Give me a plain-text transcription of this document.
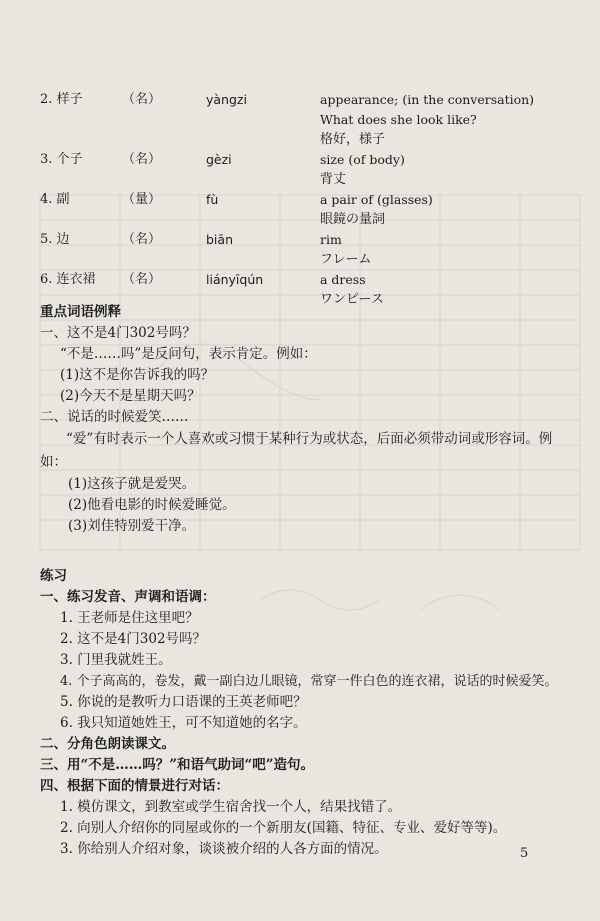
2. 样子	（名）	yàngzi	appearance; (in the conversation)
What does she look like?
格好，様子
3. 个子	（名）	gèzi	size (of body)
背丈
4. 副	（量）	fù	a pair of (glasses)
眼鏡の量詞
5. 边	（名）	biān	rim
フレーム
6. 连衣裙 （名）	liányīqún	a dress
ワンピース
重点词语例释
一、这不是4门302号吗？
“不是……吗”是反问句，表示肯定。例如：
(1)这不是你告诉我的吗？
(2)今天不是星期天吗？
二、说话的时候爱笑……
“爱”有时表示一个人喜欢或习惯于某种行为或状态，后面必须带动词或形容词。例如：
(1)这孩子就是爱哭。
(2)他看电影的时候爱睡觉。
(3)刘佳特别爱干净。
练习
一、练习发音、声调和语调：
1. 王老师是住这里吧？
2. 这不是4门302号吗？
3. 门里我就姓王。
4. 个子高高的，卷发，戴一副白边儿眼镜，常穿一件白色的连衣裙，说话的时候爱笑。
5. 你说的是教听力口语课的王英老师吧？
6. 我只知道她姓王，可不知道她的名字。
二、分角色朗读课文。
三、用“不是……吗？”和语气助词“吧”造句。
四、根据下面的情景进行对话：
1. 模仿课文，到教室或学生宿舍找一个人，结果找错了。
2. 向别人介绍你的同屋或你的一个新朋友(国籍、特征、专业、爱好等等)。
3. 你给别人介绍对象，谈谈被介绍的人各方面的情况。	5
